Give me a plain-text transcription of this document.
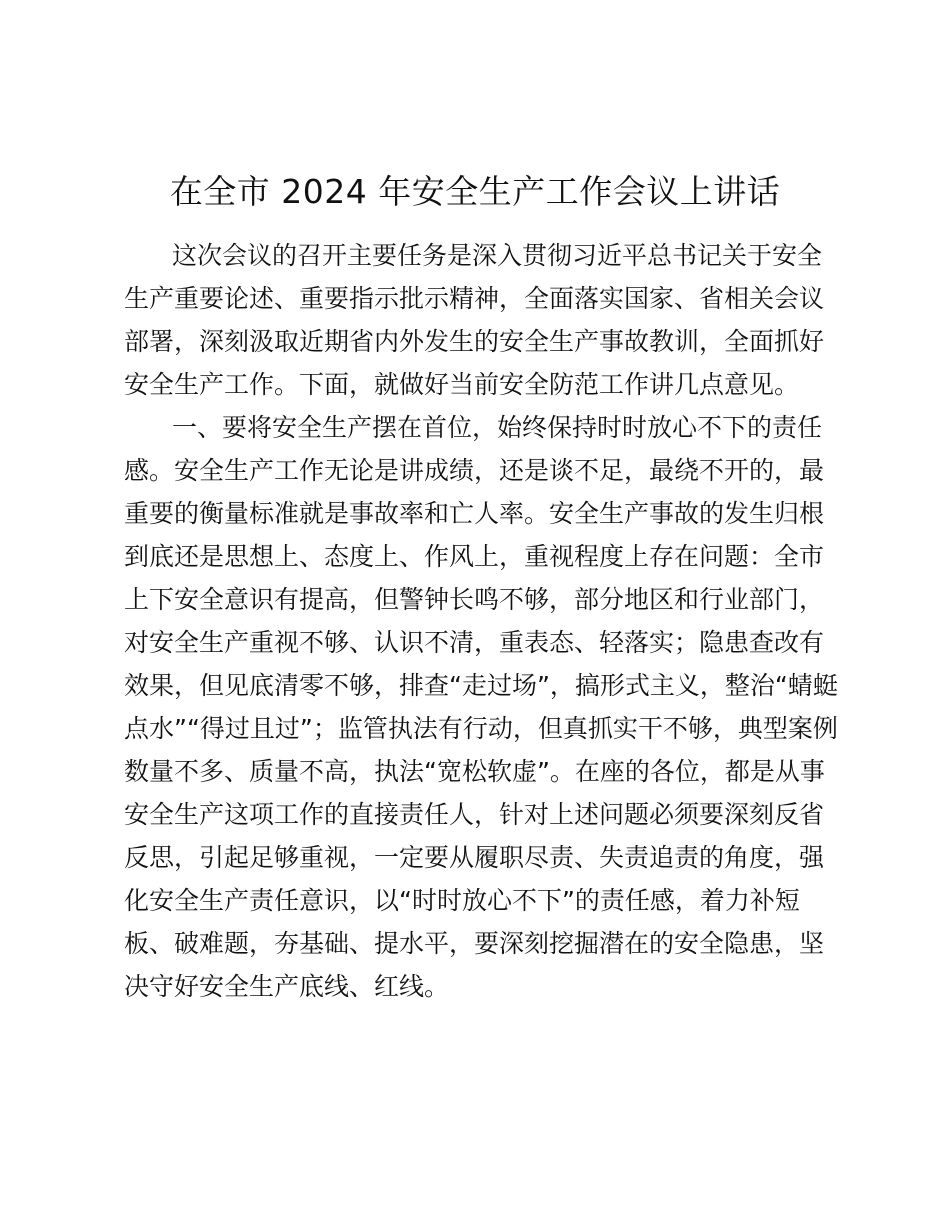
在全市 2024 年安全生产工作会议上讲话

这次会议的召开主要任务是深入贯彻习近平总书记关于安全

生产重要论述、重要指示批示精神，全面落实国家、省相关会议

部署，深刻汲取近期省内外发生的安全生产事故教训，全面抓好

安全生产工作。下面，就做好当前安全防范工作讲几点意见。

一、要将安全生产摆在首位，始终保持时时放心不下的责任

感。安全生产工作无论是讲成绩，还是谈不足，最绕不开的，最

重要的衡量标准就是事故率和亡人率。安全生产事故的发生归根

到底还是思想上、态度上、作风上，重视程度上存在问题：全市

上下安全意识有提高，但警钟长鸣不够，部分地区和行业部门，

对安全生产重视不够、认识不清，重表态、轻落实；隐患查改有

效果，但见底清零不够，排查“走过场”，搞形式主义，整治“蜻蜓

点水”“得过且过”；监管执法有行动，但真抓实干不够，典型案例

数量不多、质量不高，执法“宽松软虚”。在座的各位，都是从事

安全生产这项工作的直接责任人，针对上述问题必须要深刻反省

反思，引起足够重视，一定要从履职尽责、失责追责的角度，强

化安全生产责任意识，以“时时放心不下”的责任感，着力补短

板、破难题，夯基础、提水平，要深刻挖掘潜在的安全隐患，坚

决守好安全生产底线、红线。
